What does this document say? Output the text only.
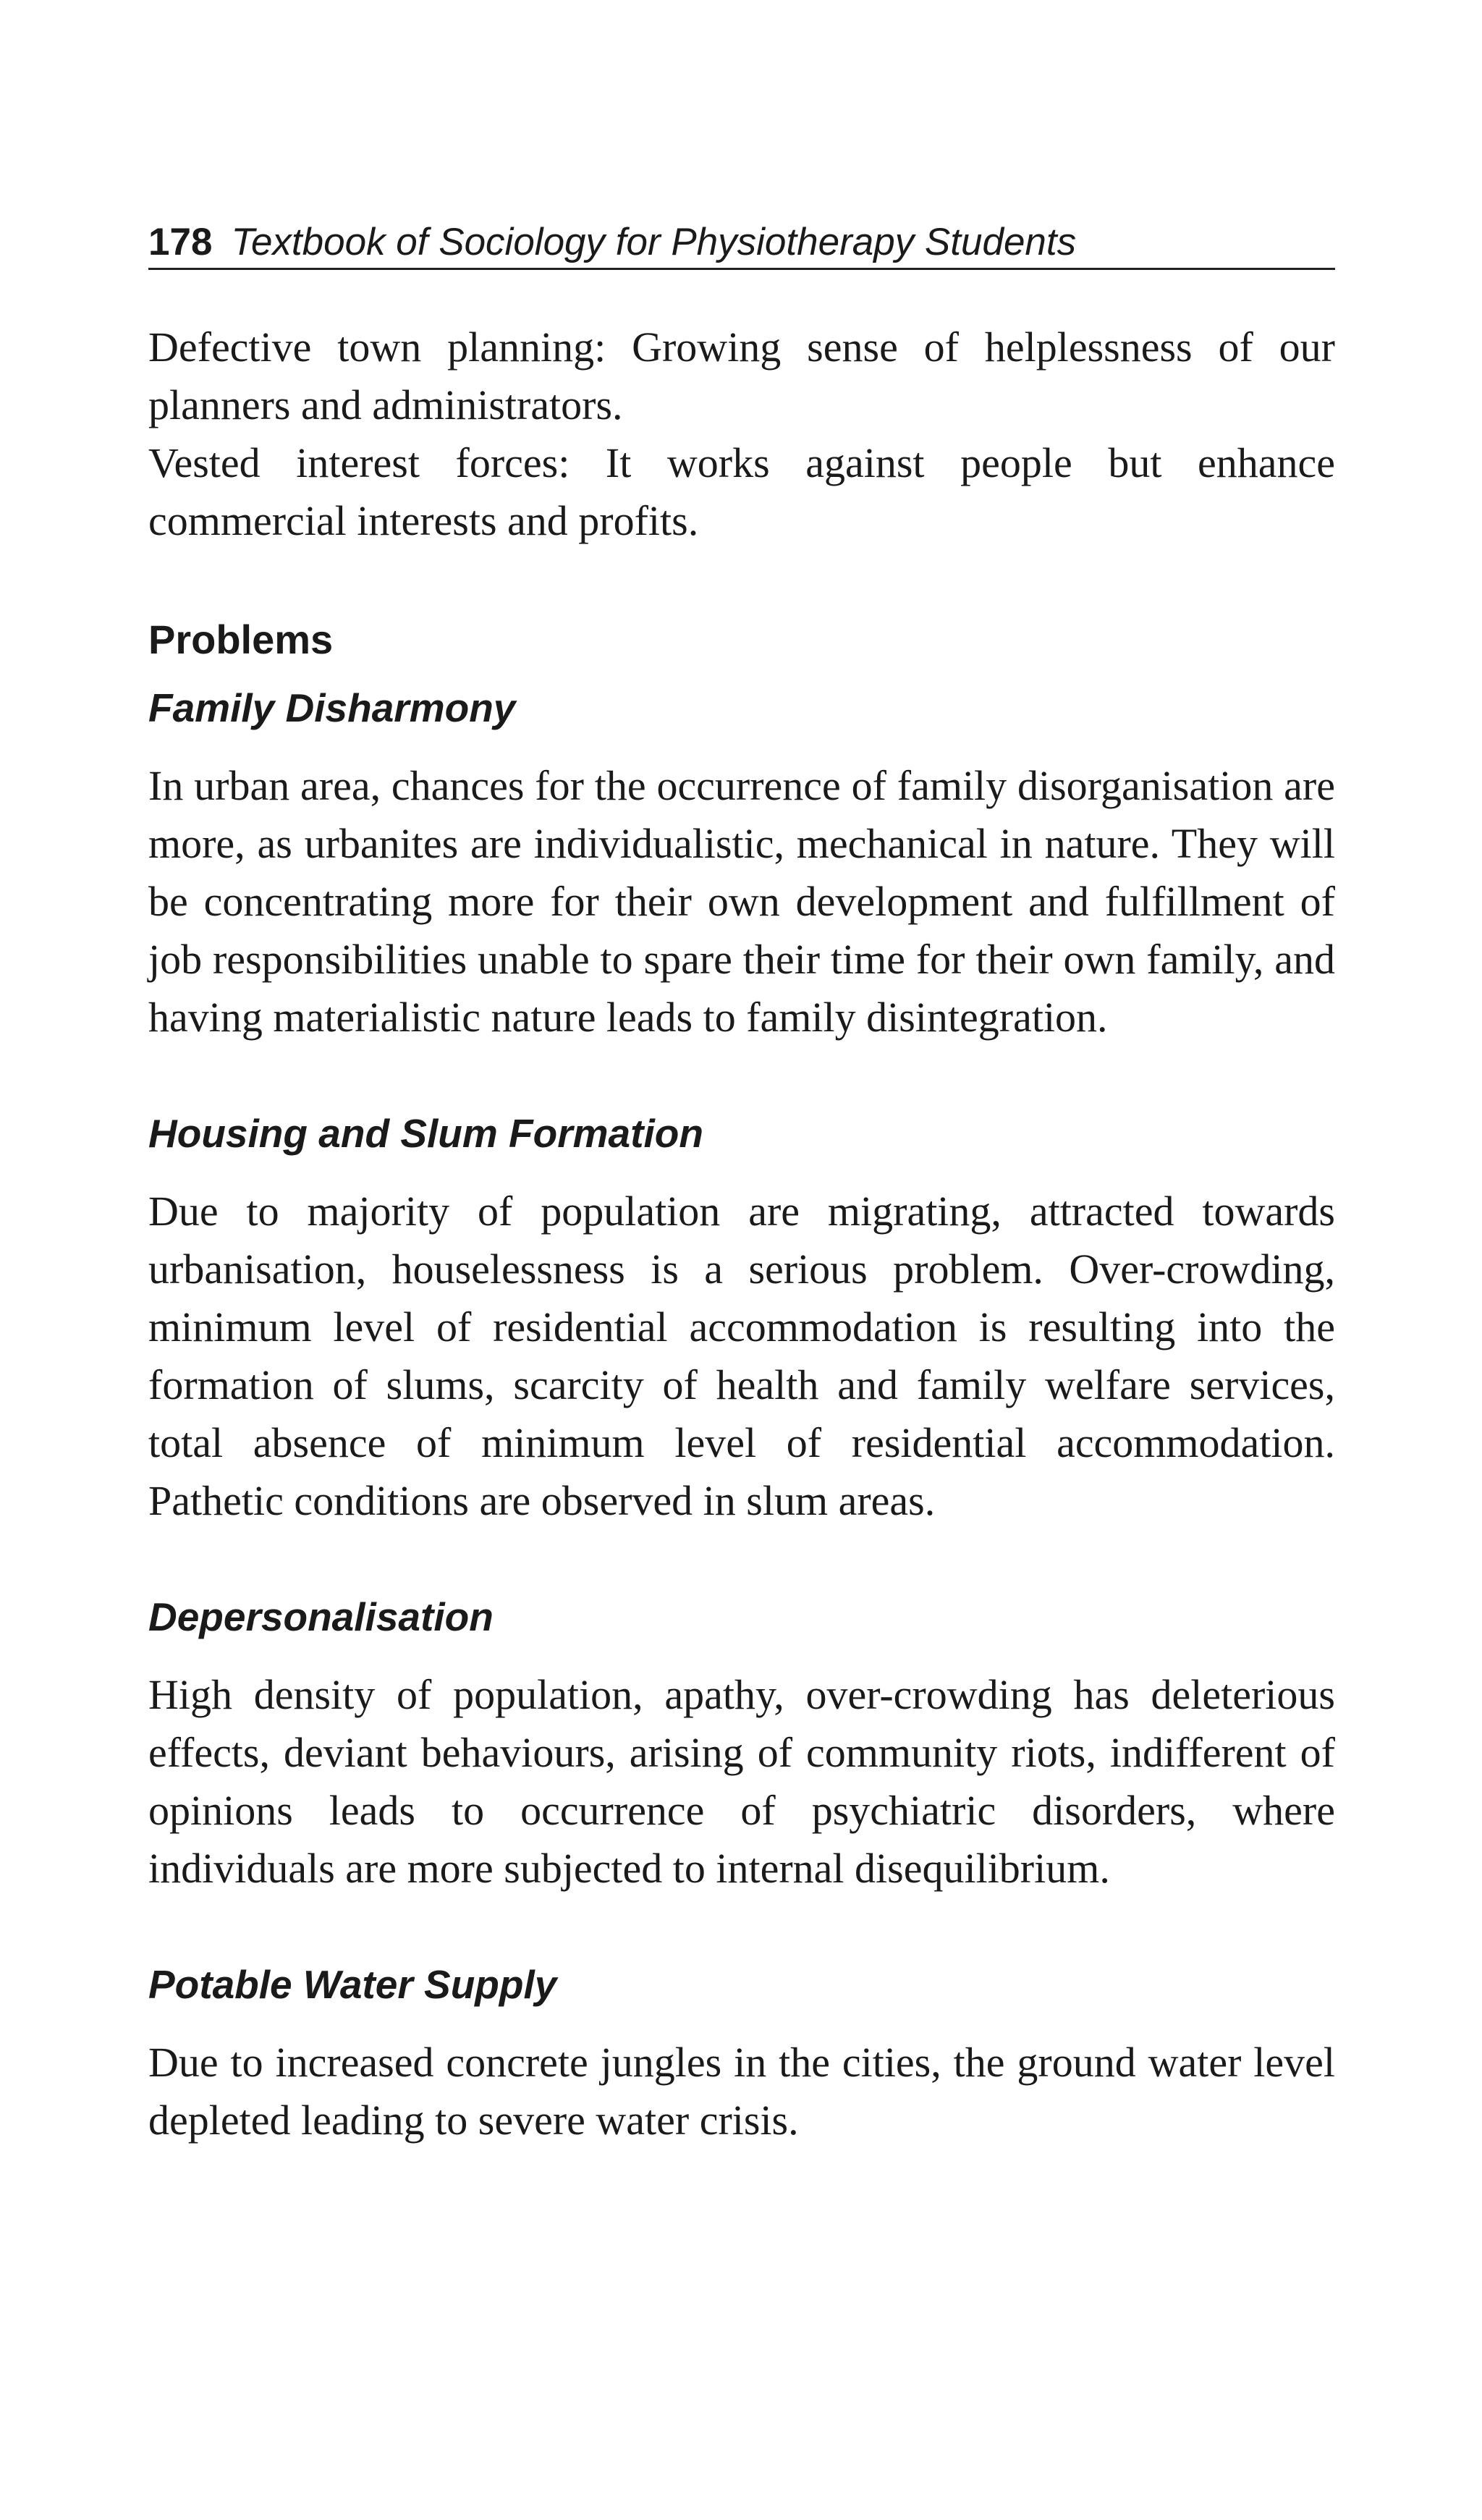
178 Textbook of Sociology for Physiotherapy Students

Defective town planning: Growing sense of helplessness of our planners and administrators.

Vested interest forces: It works against people but enhance commercial interests and profits.

Problems
Family Disharmony

In urban area, chances for the occurrence of family disorganisation are more, as urbanites are individualistic, mechanical in nature. They will be concentrating more for their own development and fulfillment of job responsibilities unable to spare their time for their own family, and having materialistic nature leads to family disintegration.

Housing and Slum Formation

Due to majority of population are migrating, attracted towards urbanisation, houselessness is a serious problem. Over-crowding, minimum level of residential accommodation is resulting into the formation of slums, scarcity of health and family welfare services, total absence of minimum level of residential accommodation. Pathetic conditions are observed in slum areas.

Depersonalisation

High density of population, apathy, over-crowding has deleterious effects, deviant behaviours, arising of community riots, indifferent of opinions leads to occurrence of psychiatric disorders, where individuals are more subjected to internal disequilibrium.

Potable Water Supply

Due to increased concrete jungles in the cities, the ground water level depleted leading to severe water crisis.
